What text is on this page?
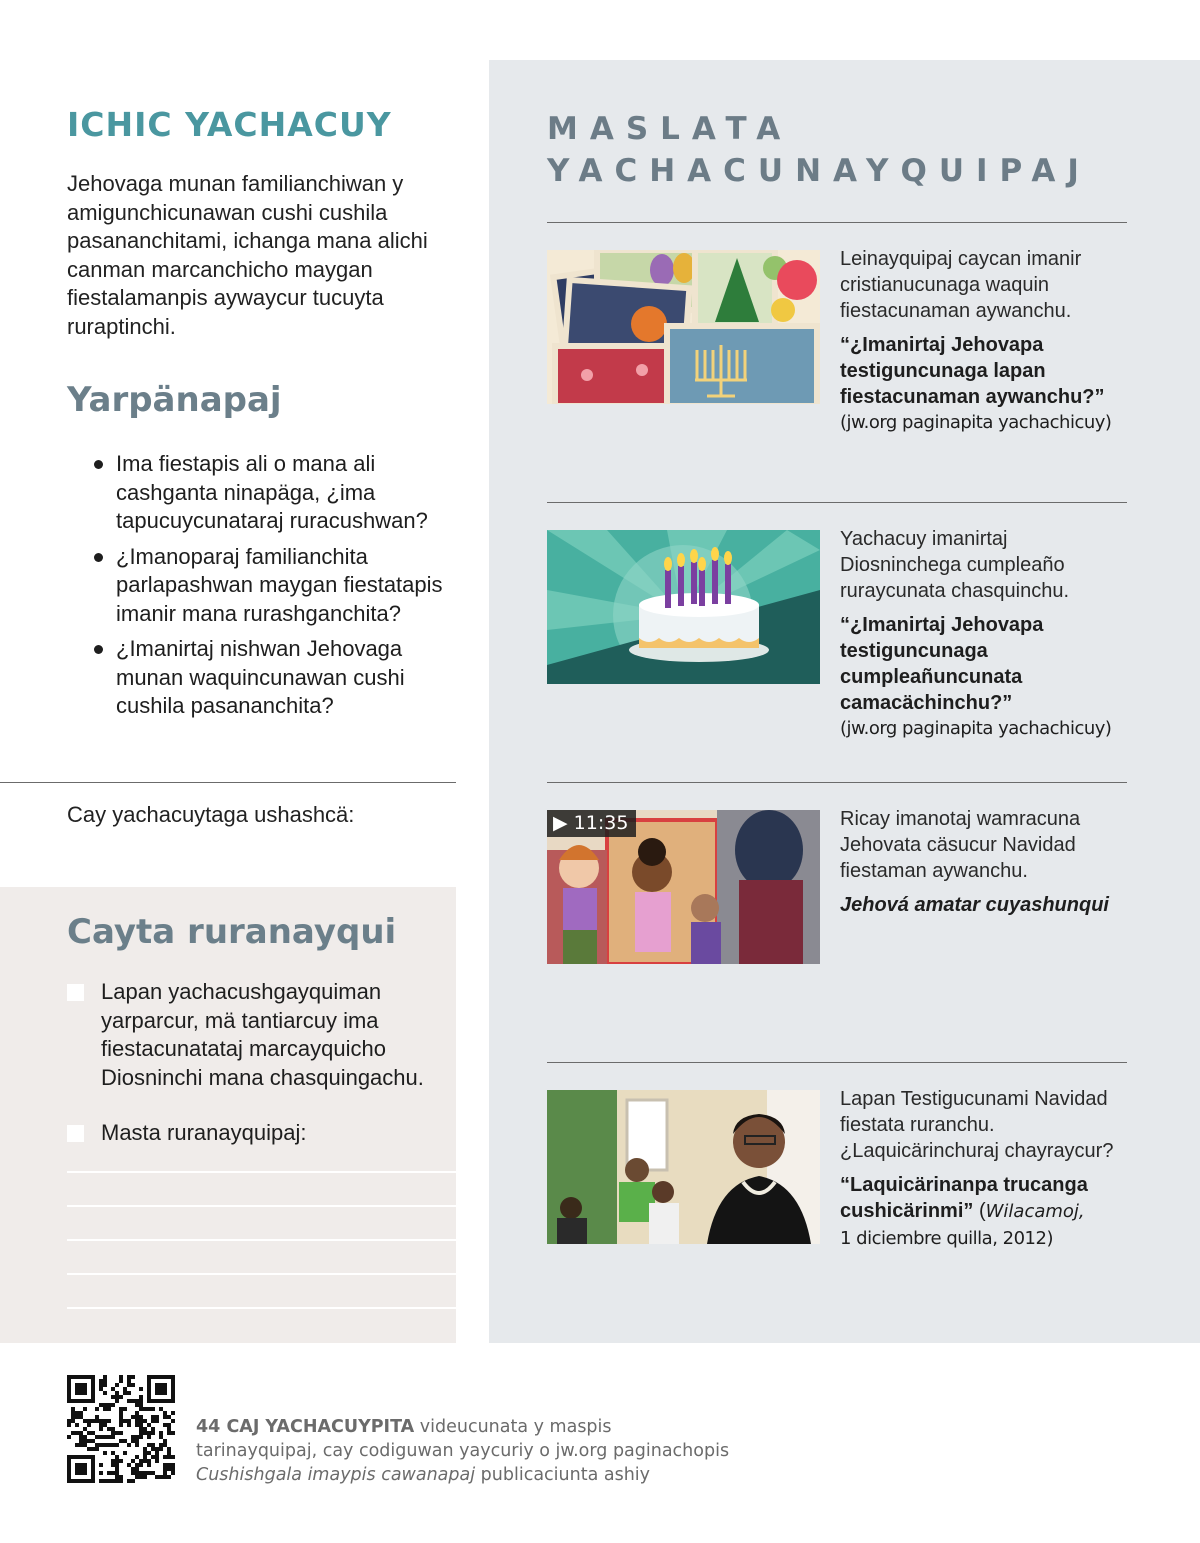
ICHIC YACHACUY

Jehovaga munan familianchiwan y amigunchicunawan cushi cushila pasananchitami, ichanga mana alichi canman marcanchicho maygan fiestalamanpis aywaycur tucuyta ruraptinchi.

Yarpänapaj
Ima fiestapis ali o mana ali cashganta ninapäga, ¿ima tapucuycunataraj ruracushwan?
¿Imanoparaj familianchita parlapashwan maygan fiestatapis imanir mana rurashganchita?
¿Imanirtaj nishwan Jehovaga munan waquincunawan cushi cushila pasananchita?

Cay yachacuytaga ushashcä:

Cayta ruranayqui
Lapan yachacushgayquiman yarparcur, mä tantiarcuy ima fiestacunatataj marcayquicho Diosninchi mana chasquingachu.
Masta ruranayquipaj:
MASLATA YACHACUNAYQUIPAJ
Leinayquipaj caycan imanir cristianucunaga waquin fiestacunaman aywanchu.
“¿Imanirtaj Jehovapa testiguncunaga lapan fiestacunaman aywanchu?”
(jw.org paginapita yachachicuy)
Yachacuy imanirtaj Diosninchega cumpleaño ruraycunata chasquinchu.
“¿Imanirtaj Jehovapa testiguncunaga cumpleañuncunata camacächinchu?”
(jw.org paginapita yachachicuy)
▶ 11:35	Ricay imanotaj wamracuna Jehovata cäsucur Navidad fiestaman aywanchu.
Jehová amatar cuyashunqui
Lapan Testigucunami Navidad fiestata ruranchu. ¿Laquicärinchuraj chayraycur?
“Laquicärinanpa trucanga cushicärinmi” (Wilacamoj,
1 diciembre quilla, 2012)

44 CAJ YACHACUYPITA videucunata y maspis tarinayquipaj, cay codiguwan yaycuriy o jw.org paginachopis Cushishgala imaypis cawanapaj publicaciunta ashiy
